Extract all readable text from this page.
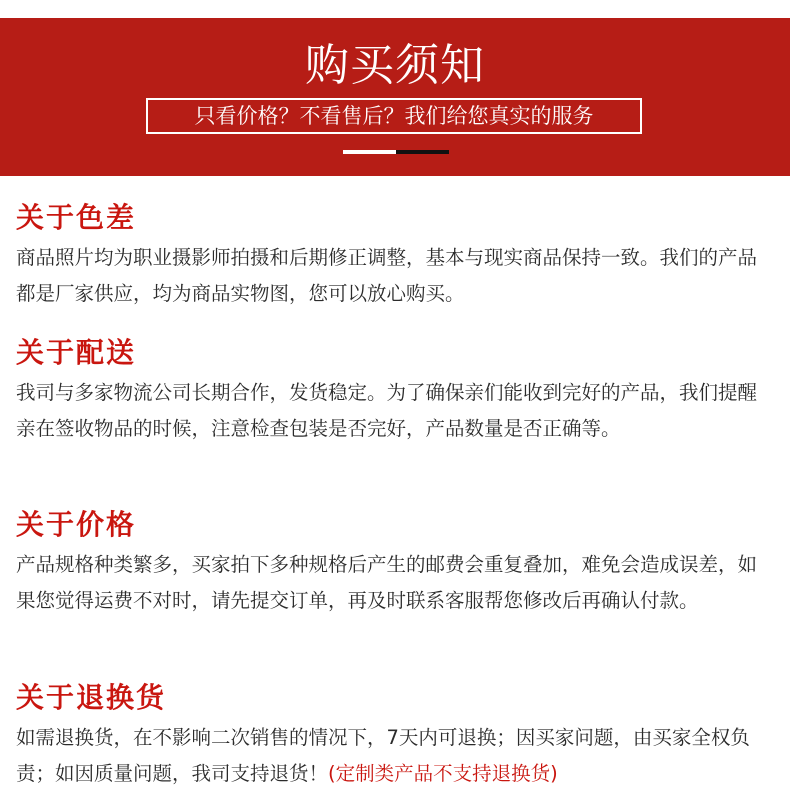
购买须知
只看价格？不看售后？我们给您真实的服务
关于色差

商品照片均为职业摄影师拍摄和后期修正调整，基本与现实商品保持一致。我们的产品都是厂家供应，均为商品实物图，您可以放心购买。

关于配送

我司与多家物流公司长期合作，发货稳定。为了确保亲们能收到完好的产品，我们提醒亲在签收物品的时候，注意检查包装是否完好，产品数量是否正确等。

关于价格

产品规格种类繁多，买家拍下多种规格后产生的邮费会重复叠加，难免会造成误差，如果您觉得运费不对时，请先提交订单，再及时联系客服帮您修改后再确认付款。

关于退换货

如需退换货，在不影响二次销售的情况下，7天内可退换；因买家问题，由买家全权负责；如因质量问题，我司支持退货！(定制类产品不支持退换货)
